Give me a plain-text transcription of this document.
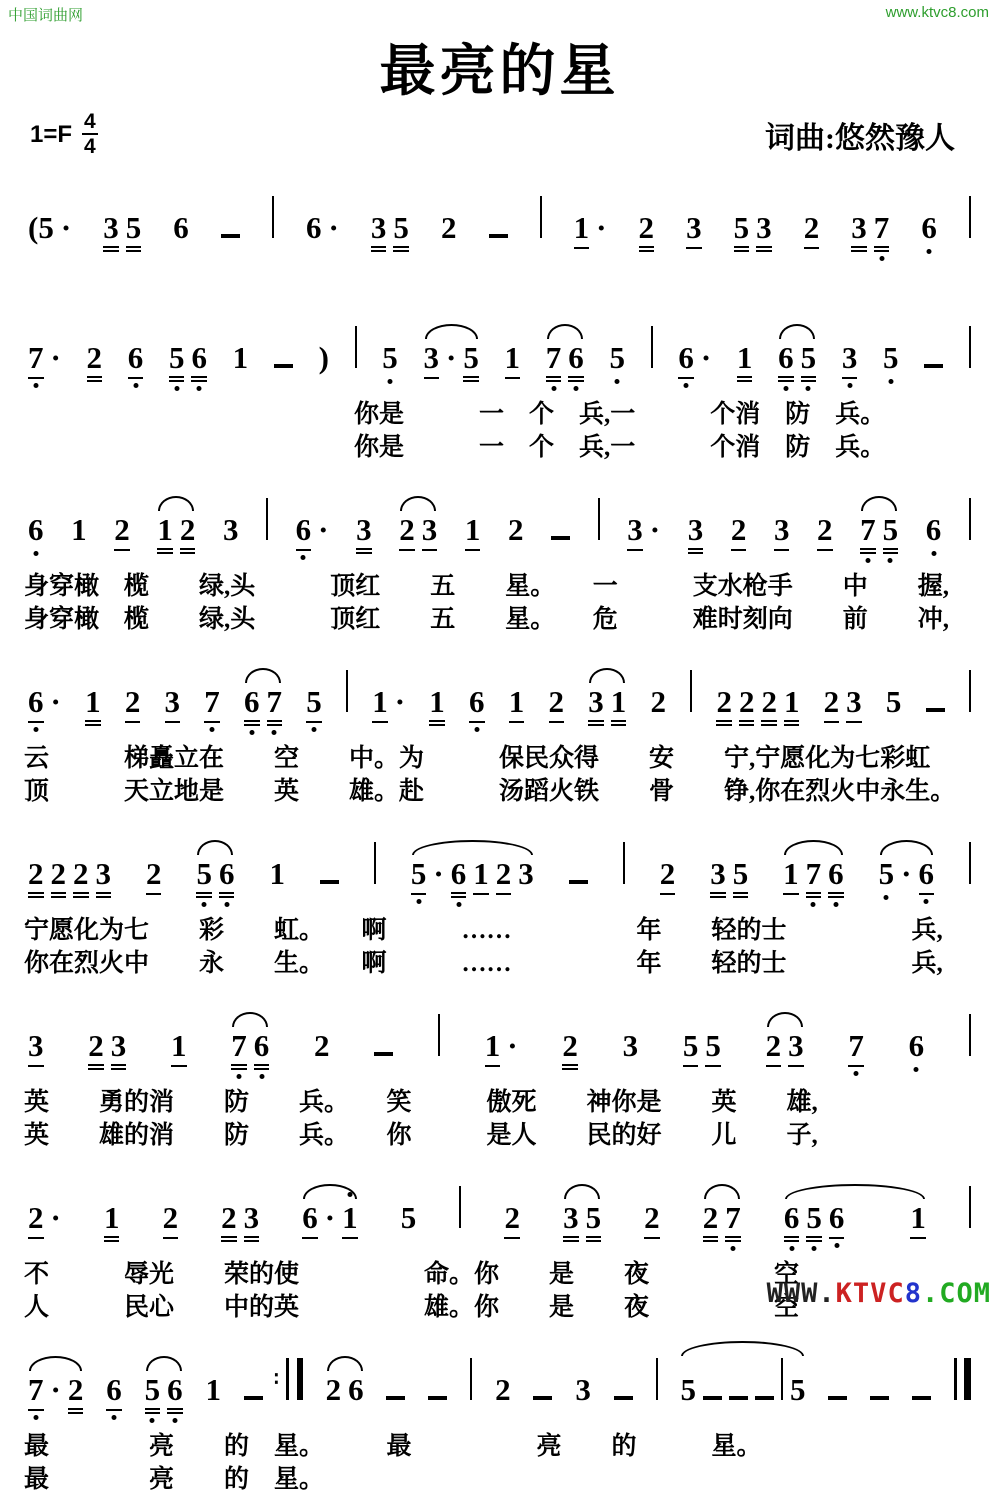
中国词曲网	www.ktvc8.com
最亮的星
1=F 4
4	词曲:悠然豫人
(5 · 3 5 6	6 · 3 5 2	1 · 2 3 5 3 2 3 7 6
7 · 2 6 5 6 1 ) 5 3 · 5 1 7 6 5 6 · 1 6 5 3 5
你是　　　一　个　兵,一　　　个消　防　兵。
你是　　　一　个　兵,一　　　个消　防　兵。
6 1 2 1 2 3 6 · 3 2 3 1 2	3 · 3 2 3 2 7 5 6
身穿橄　榄　　绿,头　　　顶红　　五　　星。　　一　　　支水枪手　　中　　握,
身穿橄　榄　　绿,头　　　顶红　　五　　星。　　危　　　难时刻向　　前　　冲,
6 · 1 2 3 7 6 7 5 1 · 1 6 1 2 3 1 2 2 2 2 1 2 3 5
云　　　梯矗立在　　空　　中。为　　　保民众得　　安　　宁,宁愿化为七彩虹
顶　　　天立地是　　英　　雄。赴　　　汤蹈火铁　　骨　　铮,你在烈火中永生。
2 2 2 3 2 5 6 1	5 · 6 1 2 3	2 3 5 1 7 6 5 · 6
宁愿化为七　　彩　　虹。　　啊　　　……　　　　　年　　轻的士　　　　　兵,
你在烈火中　　永　　生。　　啊　　　……　　　　　年　　轻的士　　　　　兵,
3 2 3 1 7 6 2	1 · 2 3 5 5 2 3 7 6
英　　勇的消　　防　　兵。　　笑　　　傲死　　神你是　　英　　雄,
英　　雄的消　　防　　兵。　　你　　　是人　　民的好　　儿　　子,
2 · 1 2 2 3 6 · 1 5	2 3 5 2 2 7 6 5 6 1
不　　　辱光　　荣的使　　　　　命。你　　是　　夜　　　　　空
人　　　民心　　中的英　　　　　雄。你　　是　　夜　　　　　空
7 · 2 6 5 6 1 ∶	2 6	2 3	5	5
最　　　　亮　　的　星。　　　最　　　　　亮　　的　　　星。
最　　　　亮　　的　星。
WWW.KTVC8.COM
